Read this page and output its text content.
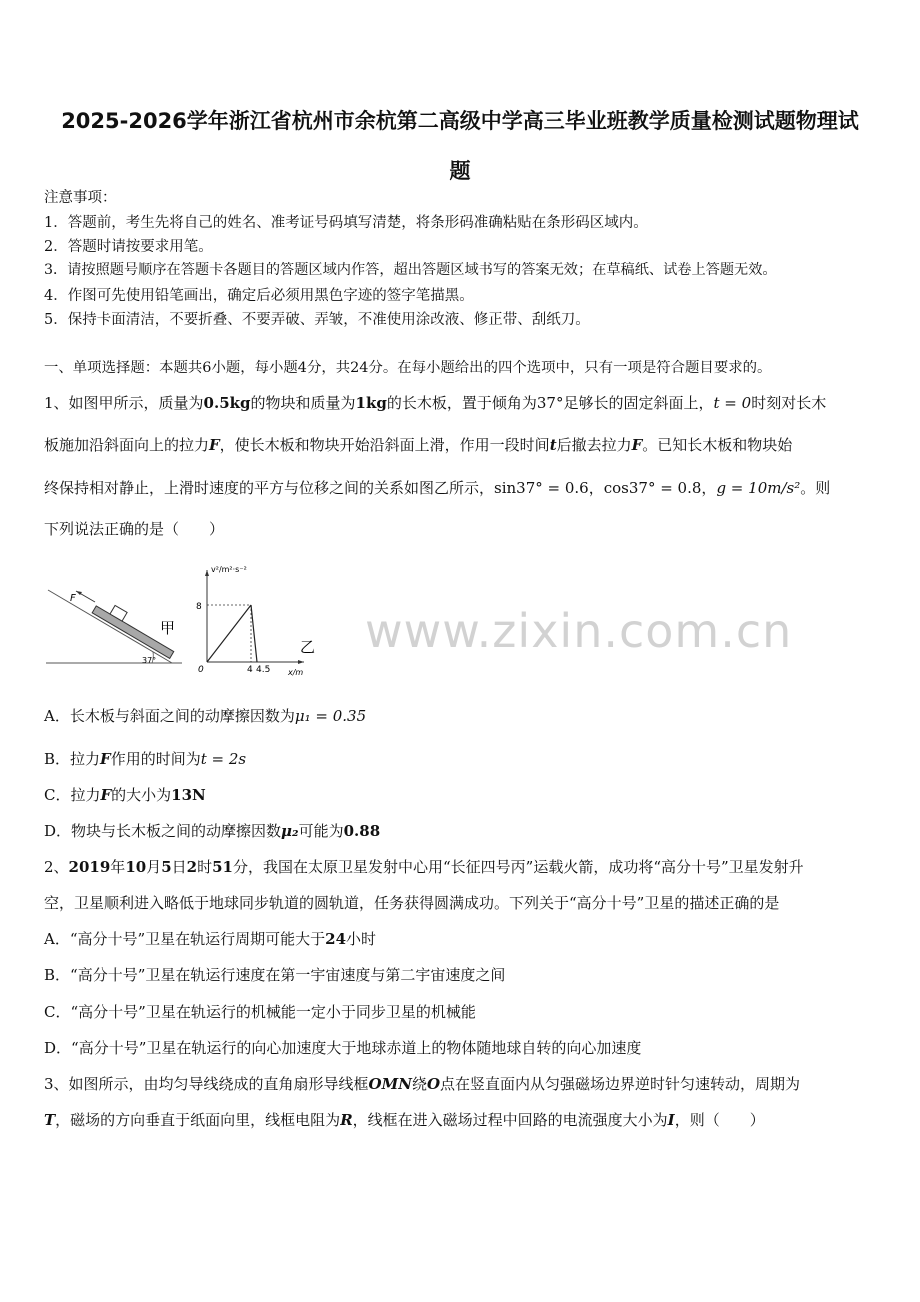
2025-2026学年浙江省杭州市余杭第二高级中学高三毕业班教学质量检测试题物理试
题
注意事项：
1．答题前，考生先将自己的姓名、准考证号码填写清楚，将条形码准确粘贴在条形码区域内。
2．答题时请按要求用笔。
3．请按照题号顺序在答题卡各题目的答题区域内作答，超出答题区域书写的答案无效；在草稿纸、试卷上答题无效。
4．作图可先使用铅笔画出，确定后必须用黑色字迹的签字笔描黑。
5．保持卡面清洁，不要折叠、不要弄破、弄皱，不准使用涂改液、修正带、刮纸刀。
一、单项选择题：本题共6小题，每小题4分，共24分。在每小题给出的四个选项中，只有一项是符合题目要求的。
1、如图甲所示，质量为0.5kg的物块和质量为1kg的长木板，置于倾角为37°足够长的固定斜面上，t = 0时刻对长木
板施加沿斜面向上的拉力F，使长木板和物块开始沿斜面上滑，作用一段时间t后撤去拉力F。已知长木板和物块始
终保持相对静止，上滑时速度的平方与位移之间的关系如图乙所示，sin37° = 0.6，cos37° = 0.8，g = 10m/s²。则
下列说法正确的是（　　）
F
37°
甲
v²/m²·s⁻²
x/m
0
8
4 4.5
乙 www.zixin.com.cn
A．长木板与斜面之间的动摩擦因数为μ₁ = 0.35
B．拉力F作用的时间为t = 2s
C．拉力F的大小为13N
D．物块与长木板之间的动摩擦因数μ₂可能为0.88
2、2019年10月5日2时51分，我国在太原卫星发射中心用“长征四号丙”运载火箭，成功将“高分十号”卫星发射升
空，卫星顺利进入略低于地球同步轨道的圆轨道，任务获得圆满成功。下列关于“高分十号”卫星的描述正确的是
A．“高分十号”卫星在轨运行周期可能大于24小时
B．“高分十号”卫星在轨运行速度在第一宇宙速度与第二宇宙速度之间
C．“高分十号”卫星在轨运行的机械能一定小于同步卫星的机械能
D．“高分十号”卫星在轨运行的向心加速度大于地球赤道上的物体随地球自转的向心加速度
3、如图所示，由均匀导线绕成的直角扇形导线框OMN绕O点在竖直面内从匀强磁场边界逆时针匀速转动，周期为
T，磁场的方向垂直于纸面向里，线框电阻为R，线框在进入磁场过程中回路的电流强度大小为I，则（　　）
